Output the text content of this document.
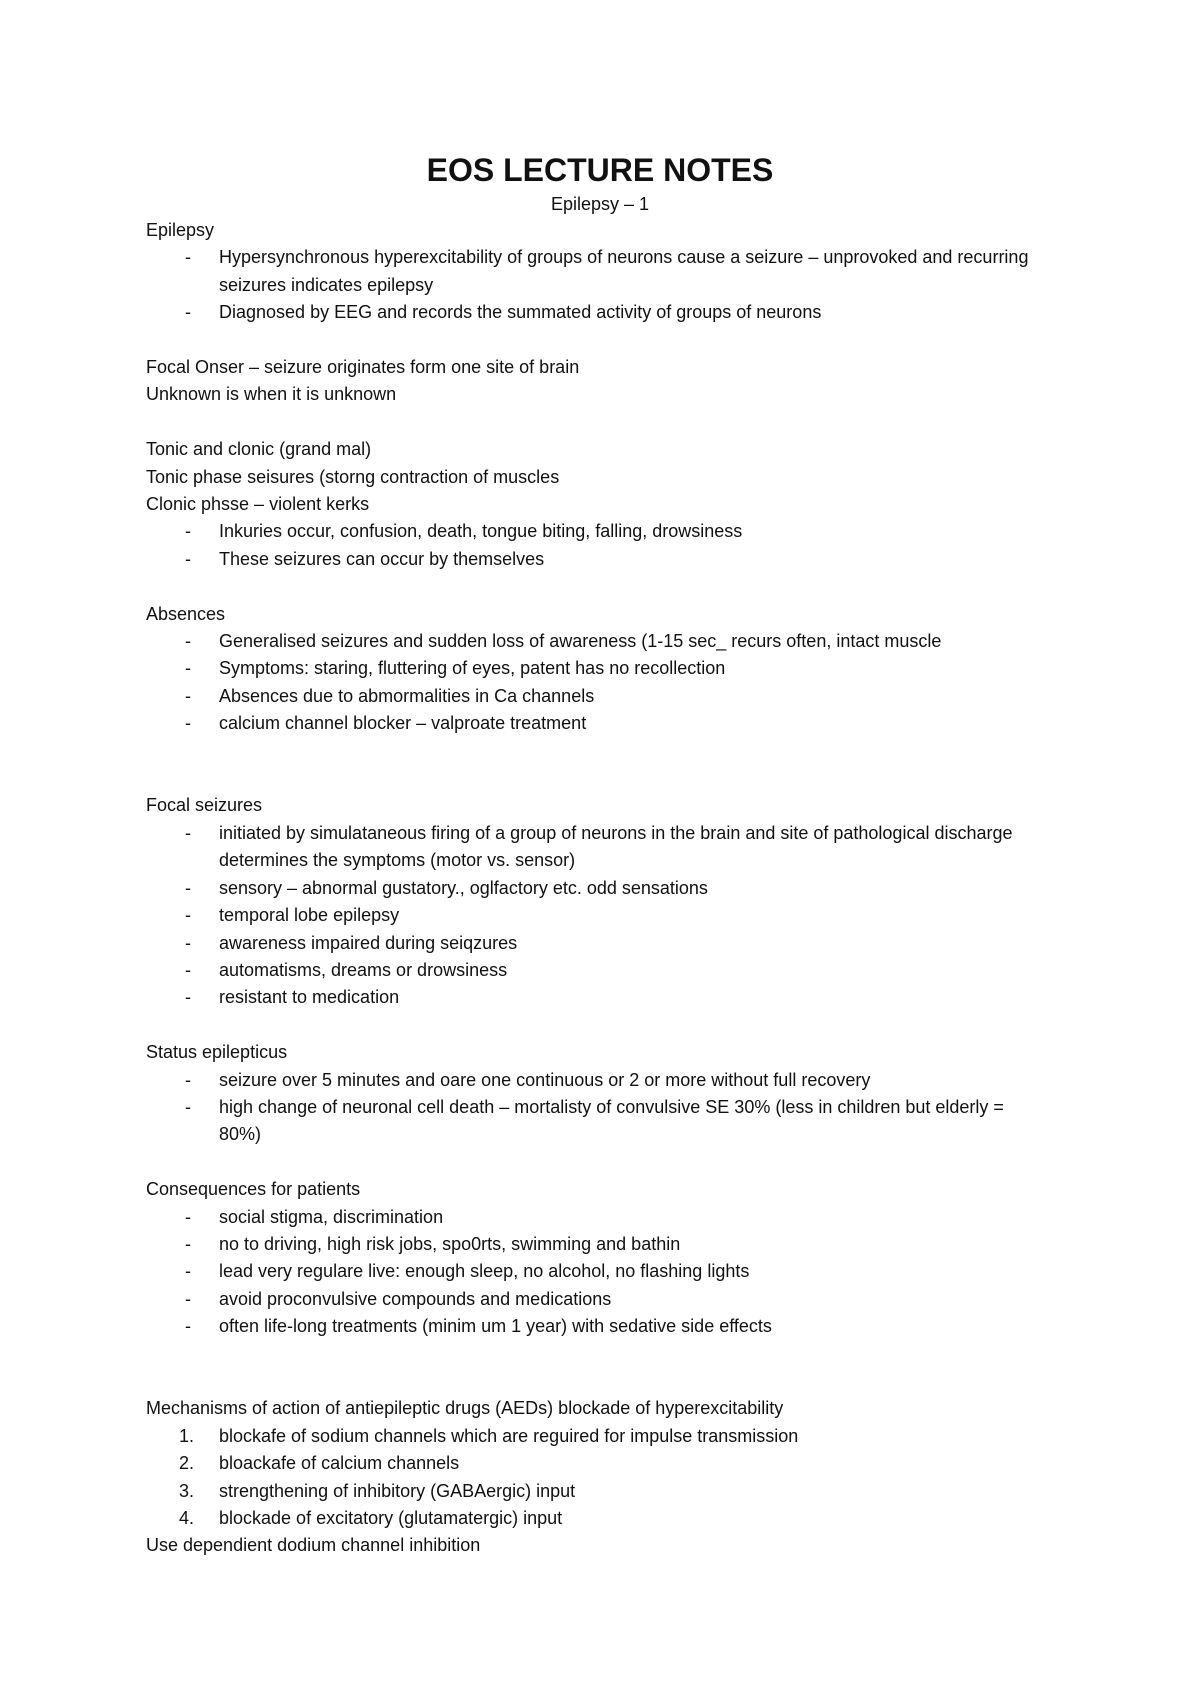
EOS LECTURE NOTES
Epilepsy – 1

Epilepsy

- Hypersynchronous hyperexcitability of groups of neurons cause a seizure – unprovoked and recurring seizures indicates epilepsy
- Diagnosed by EEG and records the summated activity of groups of neurons

Focal Onser – seizure originates form one site of brain

Unknown is when it is unknown

Tonic and clonic (grand mal)

Tonic phase seisures (storng contraction of muscles

Clonic phsse – violent kerks

- Inkuries occur, confusion, death, tongue biting, falling, drowsiness
- These seizures can occur by themselves

Absences

- Generalised seizures and sudden loss of awareness (1-15 sec_ recurs often, intact muscle
- Symptoms: staring, fluttering of eyes, patent has no recollection
- Absences due to abmormalities in Ca channels
- calcium channel blocker – valproate treatment

Focal seizures

- initiated by simulataneous firing of a group of neurons in the brain and site of pathological discharge determines the symptoms (motor vs. sensor)
- sensory – abnormal gustatory., oglfactory etc. odd sensations
- temporal lobe epilepsy
- awareness impaired during seiqzures
- automatisms, dreams or drowsiness
- resistant to medication

Status epilepticus

- seizure over 5 minutes and oare one continuous or 2 or more without full recovery
- high change of neuronal cell death – mortalisty of convulsive SE 30% (less in children but elderly = 80%)

Consequences for patients

- social stigma, discrimination
- no to driving, high risk jobs, spo0rts, swimming and bathin
- lead very regulare live: enough sleep, no alcohol, no flashing lights
- avoid proconvulsive compounds and medications
- often life-long treatments (minim um 1 year) with sedative side effects

Mechanisms of action of antiepileptic drugs (AEDs) blockade of hyperexcitability

1. blockafe of sodium channels which are reguired for impulse transmission
2. bloackafe of calcium channels
3. strengthening of inhibitory (GABAergic) input
4. blockade of excitatory (glutamatergic) input

Use dependient dodium channel inhibition
